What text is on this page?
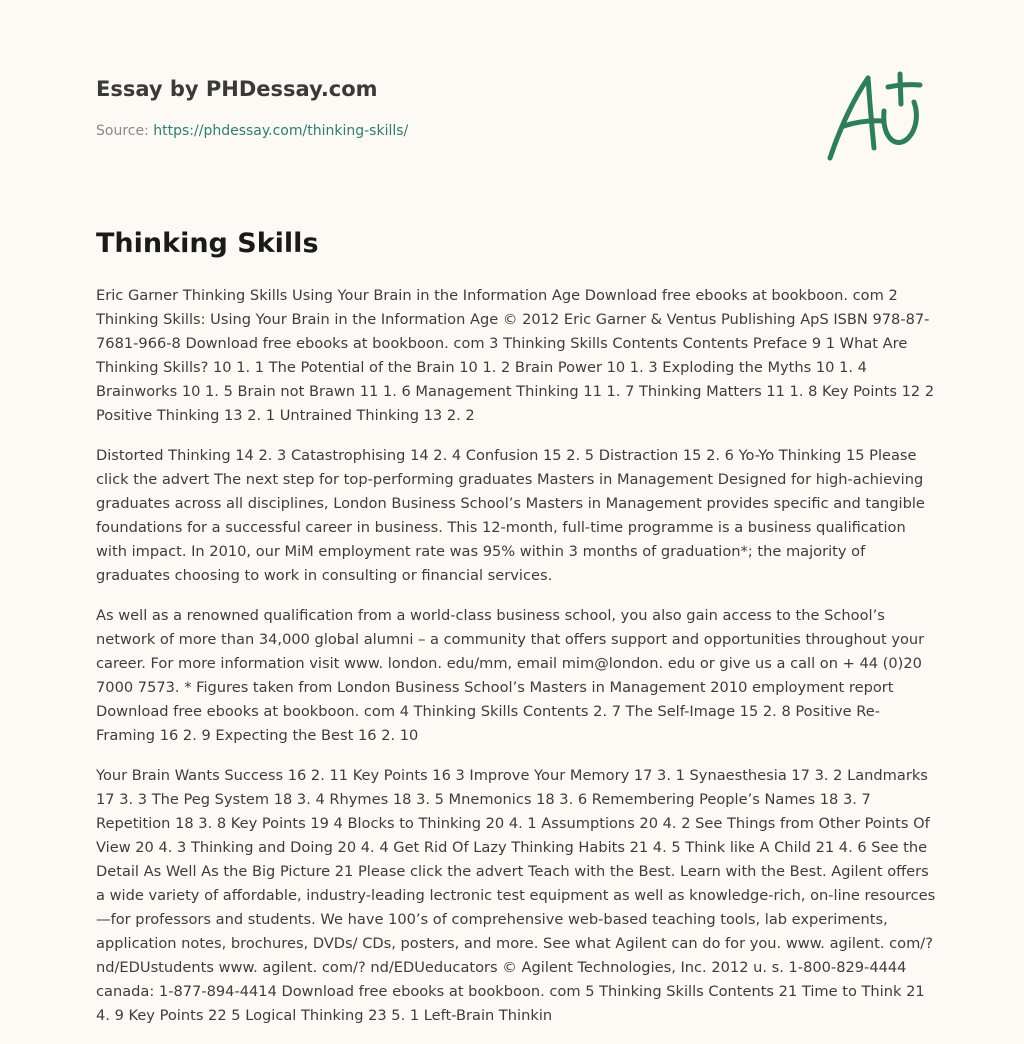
Essay by PHDessay.com
Source: https://phdessay.com/thinking-skills/
Thinking Skills

Eric Garner Thinking Skills Using Your Brain in the Information Age Download free ebooks at bookboon. com 2 Thinking Skills: Using Your Brain in the Information Age © 2012 Eric Garner & Ventus Publishing ApS ISBN 978-87-7681-966-8 Download free ebooks at bookboon. com 3 Thinking Skills Contents Contents Preface 9 1 What Are Thinking Skills? 10 1. 1 The Potential of the Brain 10 1. 2 Brain Power 10 1. 3 Exploding the Myths 10 1. 4 Brainworks 10 1. 5 Brain not Brawn 11 1. 6 Management Thinking 11 1. 7 Thinking Matters 11 1. 8 Key Points 12 2 Positive Thinking 13 2. 1 Untrained Thinking 13 2. 2

Distorted Thinking 14 2. 3 Catastrophising 14 2. 4 Confusion 15 2. 5 Distraction 15 2. 6 Yo-Yo Thinking 15 Please click the advert The next step for top-performing graduates Masters in Management Designed for high-achieving graduates across all disciplines, London Business School’s Masters in Management provides specific and tangible foundations for a successful career in business. This 12-month, full-time programme is a business qualification with impact. In 2010, our MiM employment rate was 95% within 3 months of graduation*; the majority of graduates choosing to work in consulting or financial services.

As well as a renowned qualification from a world-class business school, you also gain access to the School’s network of more than 34,000 global alumni – a community that offers support and opportunities throughout your career. For more information visit www. london. edu/mm, email mim@london. edu or give us a call on + 44 (0)20 7000 7573. * Figures taken from London Business School’s Masters in Management 2010 employment report Download free ebooks at bookboon. com 4 Thinking Skills Contents 2. 7 The Self-Image 15 2. 8 Positive Re-Framing 16 2. 9 Expecting the Best 16 2. 10

Your Brain Wants Success 16 2. 11 Key Points 16 3 Improve Your Memory 17 3. 1 Synaesthesia 17 3. 2 Landmarks 17 3. 3 The Peg System 18 3. 4 Rhymes 18 3. 5 Mnemonics 18 3. 6 Remembering People’s Names 18 3. 7 Repetition 18 3. 8 Key Points 19 4 Blocks to Thinking 20 4. 1 Assumptions 20 4. 2 See Things from Other Points Of View 20 4. 3 Thinking and Doing 20 4. 4 Get Rid Of Lazy Thinking Habits 21 4. 5 Think like A Child 21 4. 6 See the Detail As Well As the Big Picture 21 Please click the advert Teach with the Best. Learn with the Best. Agilent offers a wide variety of affordable, industry-leading lectronic test equipment as well as knowledge-rich, on-line resources —for professors and students. We have 100’s of comprehensive web-based teaching tools, lab experiments, application notes, brochures, DVDs/ CDs, posters, and more. See what Agilent can do for you. www. agilent. com/? nd/EDUstudents www. agilent. com/? nd/EDUeducators © Agilent Technologies, Inc. 2012 u. s. 1-800-829-4444 canada: 1-877-894-4414 Download free ebooks at bookboon. com 5 Thinking Skills Contents 21 Time to Think 21 4. 9 Key Points 22 5 Logical Thinking 23 5. 1 Left-Brain Thinkin
